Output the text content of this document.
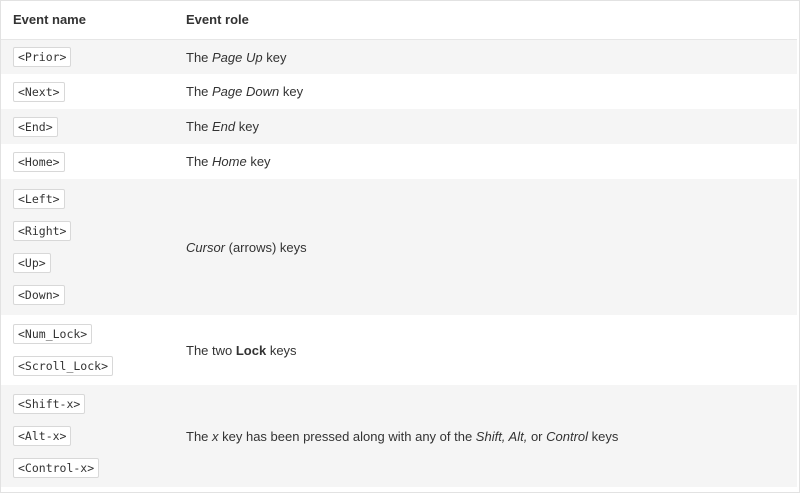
Event name	Event role
<Prior>	The Page Up key
<Next>	The Page Down key
<End>	The End key
<Home>	The Home key

<Left>
<Right>
<Up>
<Down>	Cursor (arrows) keys

<Num_Lock>
<Scroll_Lock>	The two Lock keys

<Shift-x>
<Alt-x>
<Control-x>	The x key has been pressed along with any of the Shift, Alt, or Control keys
